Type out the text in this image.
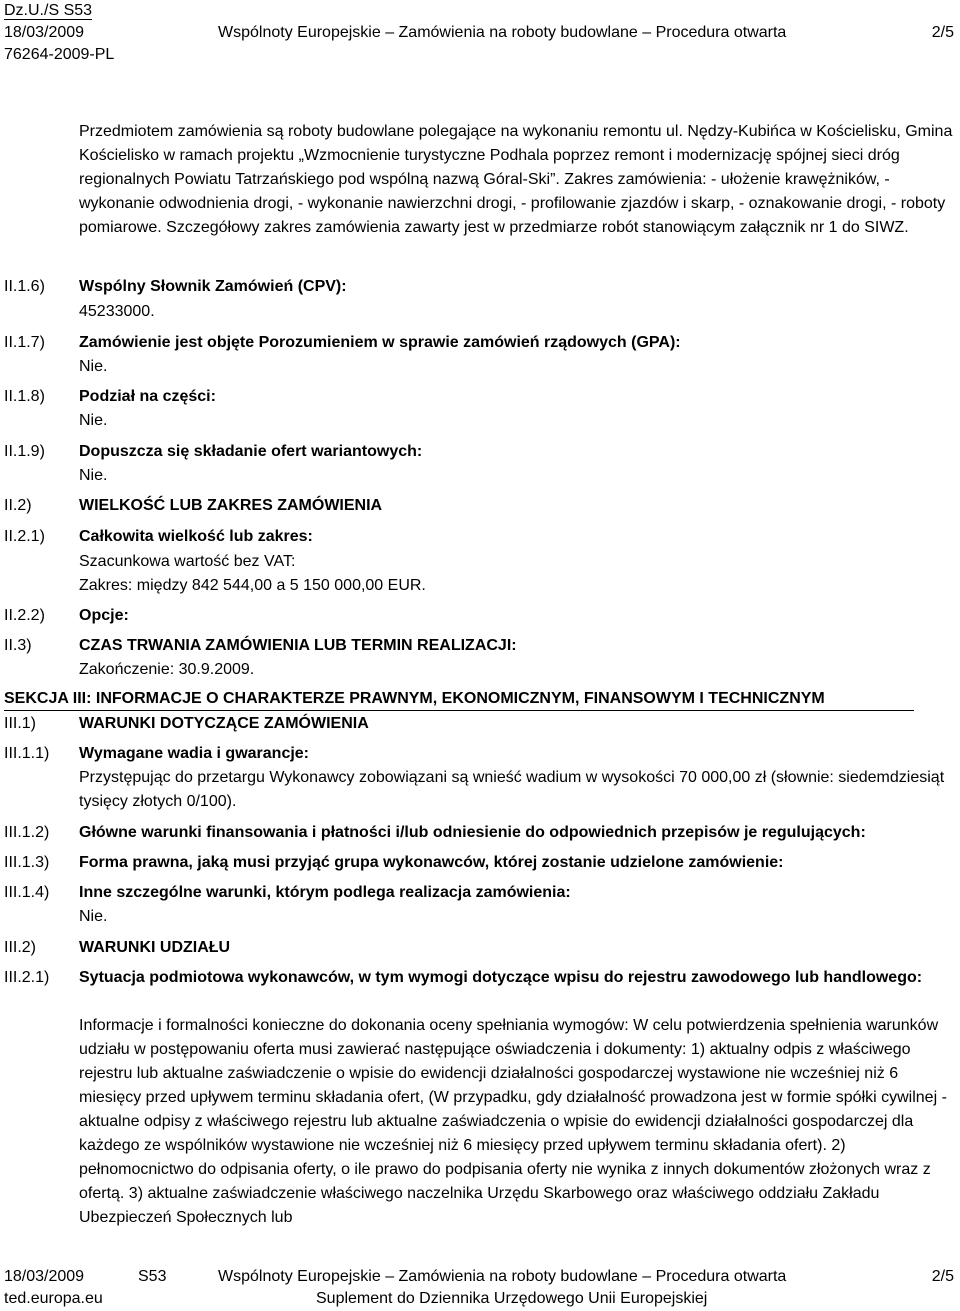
Dz.U./S S53
18/03/2009	Wspólnoty Europejskie – Zamówienia na roboty budowlane – Procedura otwarta	2/5
76264-2009-PL
Przedmiotem zamówienia są roboty budowlane polegające na wykonaniu remontu ul. Nędzy-Kubińca w Kościelisku, Gmina Kościelisko w ramach projektu „Wzmocnienie turystyczne Podhala poprzez remont i modernizację spójnej sieci dróg regionalnych Powiatu Tatrzańskiego pod wspólną nazwą Góral-Ski”. Zakres zamówienia: - ułożenie krawężników, - wykonanie odwodnienia drogi, - wykonanie nawierzchni drogi, - profilowanie zjazdów i skarp, - oznakowanie drogi, - roboty pomiarowe. Szczegółowy zakres zamówienia zawarty jest w przedmiarze robót stanowiącym załącznik nr 1 do SIWZ.
II.1.6) Wspólny Słownik Zamówień (CPV):
45233000.
II.1.7) Zamówienie jest objęte Porozumieniem w sprawie zamówień rządowych (GPA):
Nie.
II.1.8) Podział na części:
Nie.
II.1.9) Dopuszcza się składanie ofert wariantowych:
Nie.
II.2)	WIELKOŚĆ LUB ZAKRES ZAMÓWIENIA
II.2.1) Całkowita wielkość lub zakres:
Szacunkowa wartość bez VAT:
Zakres: między 842 544,00 a 5 150 000,00 EUR.
II.2.2) Opcje:
II.3)	CZAS TRWANIA ZAMÓWIENIA LUB TERMIN REALIZACJI:
Zakończenie: 30.9.2009.
SEKCJA III: INFORMACJE O CHARAKTERZE PRAWNYM, EKONOMICZNYM, FINANSOWYM I TECHNICZNYM
III.1)	WARUNKI DOTYCZĄCE ZAMÓWIENIA
III.1.1) Wymagane wadia i gwarancje:
Przystępując do przetargu Wykonawcy zobowiązani są wnieść wadium w wysokości 70 000,00 zł (słownie: siedemdziesiąt tysięcy złotych 0/100).
III.1.2) Główne warunki finansowania i płatności i/lub odniesienie do odpowiednich przepisów je regulujących:
III.1.3) Forma prawna, jaką musi przyjąć grupa wykonawców, której zostanie udzielone zamówienie:
III.1.4) Inne szczególne warunki, którym podlega realizacja zamówienia:
Nie.
III.2)	WARUNKI UDZIAŁU
III.2.1) Sytuacja podmiotowa wykonawców, w tym wymogi dotyczące wpisu do rejestru zawodowego lub handlowego:
Informacje i formalności konieczne do dokonania oceny spełniania wymogów: W celu potwierdzenia spełnienia warunków udziału w postępowaniu oferta musi zawierać następujące oświadczenia i dokumenty: 1) aktualny odpis z właściwego rejestru lub aktualne zaświadczenie o wpisie do ewidencji działalności gospodarczej wystawione nie wcześniej niż 6 miesięcy przed upływem terminu składania ofert, (W przypadku, gdy działalność prowadzona jest w formie spółki cywilnej - aktualne odpisy z właściwego rejestru lub aktualne zaświadczenia o wpisie do ewidencji działalności gospodarczej dla każdego ze wspólników wystawione nie wcześniej niż 6 miesięcy przed upływem terminu składania ofert). 2) pełnomocnictwo do odpisania oferty, o ile prawo do podpisania oferty nie wynika z innych dokumentów złożonych wraz z ofertą. 3) aktualne zaświadczenie właściwego naczelnika Urzędu Skarbowego oraz właściwego oddziału Zakładu Ubezpieczeń Społecznych lub
18/03/2009	S53	Wspólnoty Europejskie – Zamówienia na roboty budowlane – Procedura otwarta	2/5
ted.europa.eu	Suplement do Dziennika Urzędowego Unii Europejskiej
